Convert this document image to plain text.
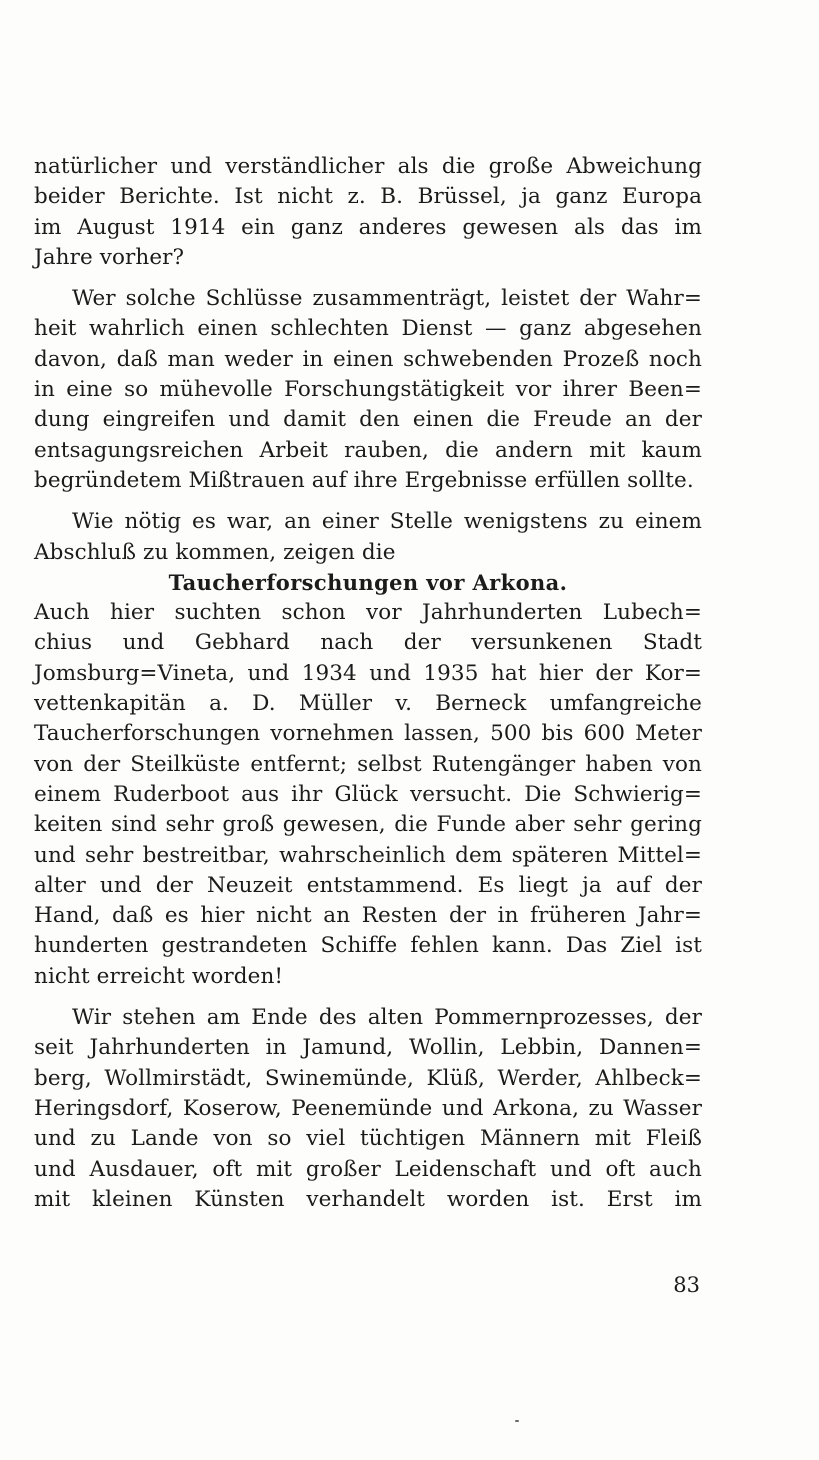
natürlicher und verständlicher als die große Abweichung
beider Berichte. Ist nicht z. B. Brüssel, ja ganz Europa
im August 1914 ein ganz anderes gewesen als das im
Jahre vorher?
Wer solche Schlüsse zusammenträgt, leistet der Wahr=
heit wahrlich einen schlechten Dienst — ganz abgesehen
davon, daß man weder in einen schwebenden Prozeß noch
in eine so mühevolle Forschungstätigkeit vor ihrer Been=
dung eingreifen und damit den einen die Freude an der
entsagungsreichen Arbeit rauben, die andern mit kaum
begründetem Mißtrauen auf ihre Ergebnisse erfüllen sollte.
Wie nötig es war, an einer Stelle wenigstens zu einem
Abschluß zu kommen, zeigen die
Taucherforschungen vor Arkona.
Auch hier suchten schon vor Jahrhunderten Lubech=
chius und Gebhard nach der versunkenen Stadt
Jomsburg=Vineta, und 1934 und 1935 hat hier der Kor=
vettenkapitän a. D. Müller v. Berneck umfangreiche
Taucherforschungen vornehmen lassen, 500 bis 600 Meter
von der Steilküste entfernt; selbst Rutengänger haben von
einem Ruderboot aus ihr Glück versucht. Die Schwierig=
keiten sind sehr groß gewesen, die Funde aber sehr gering
und sehr bestreitbar, wahrscheinlich dem späteren Mittel=
alter und der Neuzeit entstammend. Es liegt ja auf der
Hand, daß es hier nicht an Resten der in früheren Jahr=
hunderten gestrandeten Schiffe fehlen kann. Das Ziel ist
nicht erreicht worden!
Wir stehen am Ende des alten Pommernprozesses, der
seit Jahrhunderten in Jamund, Wollin, Lebbin, Dannen=
berg, Wollmirstädt, Swinemünde, Klüß, Werder, Ahlbeck=
Heringsdorf, Koserow, Peenemünde und Arkona, zu Wasser
und zu Lande von so viel tüchtigen Männern mit Fleiß
und Ausdauer, oft mit großer Leidenschaft und oft auch
mit kleinen Künsten verhandelt worden ist. Erst im
83
